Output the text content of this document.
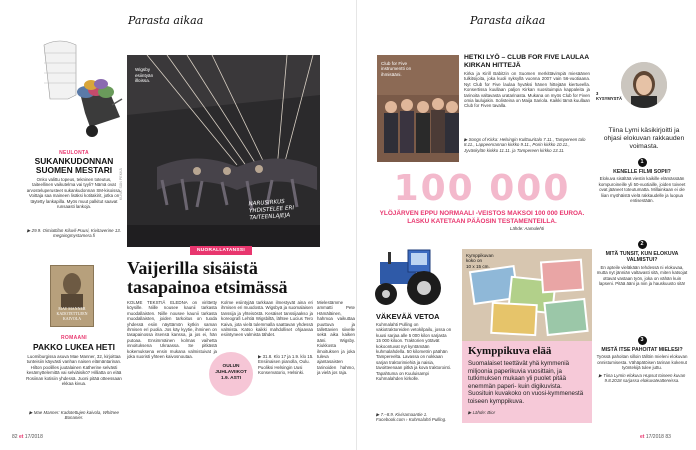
Parasta aikaa
NEULONTA
SUKANKUDONNAN SUOMEN MESTARI
Onko valittu topeus, tekninen toteutus, taiteellinen vaikutelma vai tyyli? Nämä ovat arvosteluperusteet sukankudonnan SM-kisoissa. Voittaja saa maineen lisäksi kotitakirit, jotka on täytetty lankapilla. Myös muut palkitut saavat runsaasti lankoja.
▶ 29.9. Oimiattilan Kiluvil-Puusi, Kivitaverine 13. megaingmystamera.fi
MAY MANNER KADOTETTUJEN KAIVOLA
ROMAANI
PAKKO LUKEA HETI
Luomiburgissa asuva Mae Manner, 32, kirjoittaa tunteisiin käyvästi vanhan naisen elämäntarinan. Hilton poolilles juutalainen Katherine selvästi kesämyttelemittä vai selviäisikö? Hilliatta on elää Rosiinan kotisiin yhdessä. Juoni pitää otteessaan ekkaa kivua.
▶ Mae Manner: Kadotettujen kaivola, Whitnee Bonanier.
Wigsby
esiintyän
illoissa.
NARUSIRKUS
YHDISTELEE ERI
TAITEENLAJEJA
KUVA: SÄN PEKKÄ
NUORALLATANSSI
Vaijerilla sisäistä
tasapainoa etsimässä
KOLME TEKSTIÄ ELEDNA on virittetty köysille. Niille nousee kaunii tarkasta muodallaisten. Niille nousee kaunii tarkasta muodallaisten, joiden tarkoitus on tuoda yhdessä esiin näyttämön kytkin saman ihmisen eri puolia. Jos käy kyytie, ihminen on tasapainossa itsensä kanssa, ja jos ei, hän putoaa. Ensimmäinen kolmas vaihetta innoituksena Ukraassa. Se pitkästä kokemuksena ensin mukana valmistuivat ja joka suoristi yhteen kaivosnoutaa.
Kolme esiintyjää tarkkaan ilmestyvät aina eri ihmisen eri muodosta. Wigsbyä ja suomalaisen tanssija ja yhteisöstä. Kesäiset tanssijaakso ja koreografi Lehtiä Wigsbiltä, lähtee Lucius Tero Kaiva, jota vielä tulemmalla saattavan yhdessä valmista. Katso kaikki mahdolliset ohjaavaa esiintyneen valmista tähdet.
OULUN
JUHLAVIIKOT
1.9. ASTI
▶ 31.8. Klo 17 ja 1.9. klo 15. Ensiinaisen pianolla, Oulu. Puoliksi Helsingin Uusi Konservatorio, Helsinki.
Mielestämme ammatti Pete Hämäläinen, hahmoa vaikuttaa puuttuva ja tallettavien siivelle sekä aika kaiken ääni. Wigsby. Kiukkosta ilmoituksen ja joka tuleva ajantasaisten tarinoiden hahmo, ja vielä jos raja.
82 et 17/2018
Parasta aikaa
Club for Five instrumentti on ihmisääni.
HETKI LYÖ – CLUB FOR FIVE LAULAA KIRKAN HITTEJÄ
Kirka ja Kirill Babitzin on Suomen merkittävimpiä miesäänen tulkitsijoita, joka kuoli syksyllä vuonna 2007 vain 56-vuotiaana. Nyt Club for Five laulaa hyväksi hänen hittejään kiertueella. Konsertissa kuullaan paljon Kirkan suosituimpia kappaleita ja tarinoita valtavasta uratarinasta. Mukana on myös Club for Fiven omia laulujakin. Solisteina on Maija Sariola. Kaikki tämä kuullaan Club for Fiven tavalla.
▶ Songs of Kirka: Helsingin Kulttuuritalo 7.11., Tampereen talo 8.11., Lappeenrannan kirkko 9.11., Porin kirkko 10.11., Jyväskylän kirkko 11.11. ja Tampereen kirkko 13.11.
100 000
YLÖJÄRVEN EPPU NORMAALI -VEISTOS MAKSOI 100 000 EUROA. LASKU KATETAAN PÄÄOSIN TESTAMENTEILLA.
Lähde: Aamulehti
VÄKEVÄÄ VETOA
Kuhmalahti Pulling on vakiotraktoreiden vetokilpailu, jossa on kuusi sarjaa alle 5 000 kilon sarjasta 15 000 kiloon. Traktorien yötävät kokoontuvat nyt kyntämään kuhmalahdella. 50 kilometrin päähän Tampereelta. Lavassa on nokkaan sarjan traktorimiehiä ja naisia, tavoitteenaan pitkä ja kova traktorointi. Tapahtuma on Kuuluisampi Kuhmalahden kirkolle.
▶ 7.–8.9. Kivisamaantie 1. Facebook.com › Kuhmalahti Pulling.
Kymppikuvan
koko on
10 x 15 cm.
Kymppikuva elää
Suomalaiset teettävät yhä kymmeniä miljoonia paperikuvia vuosittain, ja tutkimuksen mukaan yli puolet pitää enemmän paperi- kuin digikuvista. Suosituin kuvakoko on vuosi-kymmenestä toiseen kymppikuva.
▶ Lähde: Bior
Tiina Lymi käsikirjoitti ja ohjasi elokuvan rakkauden voimasta.
3 KYSYMYSTÄ
1
KENELLE FILMI SOPII?
Elokuva sisältää viestin kaikille elämässään kompuroineille yli 50-vuotiaille, joiden toiveet ovat jääneet toteutumatta. Millainkaan ei ole liian myöhäistä vielä rakkaudelle ja luopua entisestään.
2
MITÄ TUNSIT, KUN ELOKUVA VALMISTUI?
En apteile vieläkään tehdessä ni elokuvaa, mutta nyt jänniän valtavasti sitä, miten katsojat ottavat vastaan työn, joka on vähän kuin lapseni. Pitää ääni ja niin ja hauskuusto sitä!
3
MISTÄ ITSE PAHOITAT MIELESI?
Työssä pahoitan silloin tällöin mieleni elokuvan onnistumisesta. Vähäpätöisen tarinan kokenut työntekijä tulee juttu.
▶ Tiina Lymin elokuva Hupsut toiseen kuvan 9.8.2018 sarjassa elokuvateattereissa.
et 17/2018 83
